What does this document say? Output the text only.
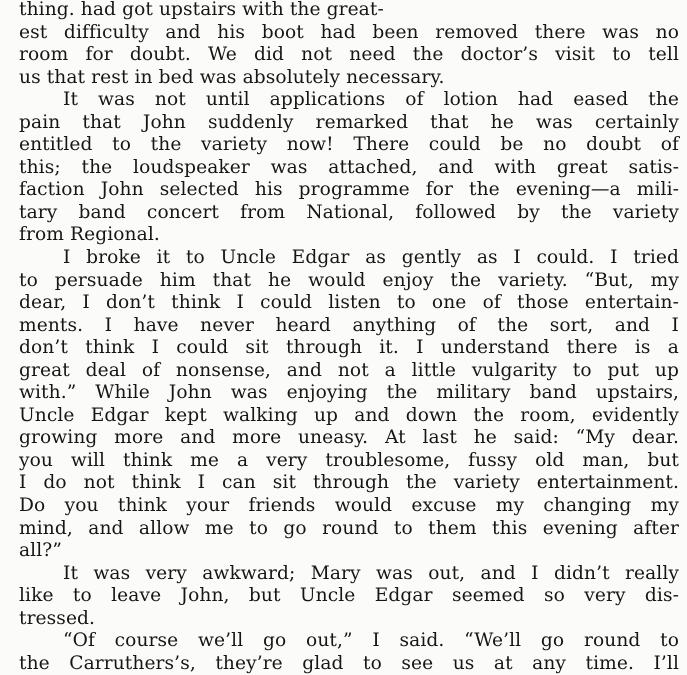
thing. had got upstairs with the great-
est difficulty and his boot had been removed there was no
room for doubt. We did not need the doctor’s visit to tell
us that rest in bed was absolutely necessary.
It was not until applications of lotion had eased the
pain that John suddenly remarked that he was certainly
entitled to the variety now! There could be no doubt of
this; the loudspeaker was attached, and with great satis-
faction John selected his programme for the evening—a mili-
tary band concert from National, followed by the variety
from Regional.
I broke it to Uncle Edgar as gently as I could. I tried
to persuade him that he would enjoy the variety. “But, my
dear, I don’t think I could listen to one of those entertain-
ments. I have never heard anything of the sort, and I
don’t think I could sit through it. I understand there is a
great deal of nonsense, and not a little vulgarity to put up
with.” While John was enjoying the military band upstairs,
Uncle Edgar kept walking up and down the room, evidently
growing more and more uneasy. At last he said: “My dear.
you will think me a very troublesome, fussy old man, but
I do not think I can sit through the variety entertainment.
Do you think your friends would excuse my changing my
mind, and allow me to go round to them this evening after
all?”
It was very awkward; Mary was out, and I didn’t really
like to leave John, but Uncle Edgar seemed so very dis-
tressed.
“Of course we’ll go out,” I said. “We’ll go round to
the Carruthers’s, they’re glad to see us at any time. I’ll
